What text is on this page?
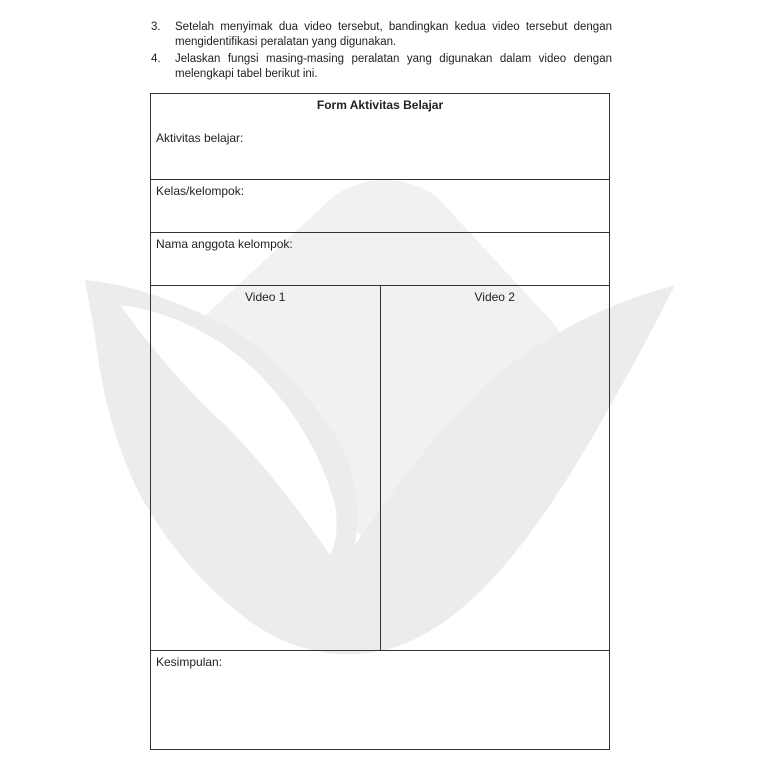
3.	Setelah menyimak dua video tersebut, bandingkan kedua video tersebut dengan mengidentifikasi peralatan yang digunakan.
4.	Jelaskan fungsi masing-masing peralatan yang digunakan dalam video dengan melengkapi tabel berikut ini.
Form Aktivitas Belajar
Aktivitas belajar:
Kelas/kelompok:
Nama anggota kelompok:
Video 1	Video 2
Kesimpulan:
